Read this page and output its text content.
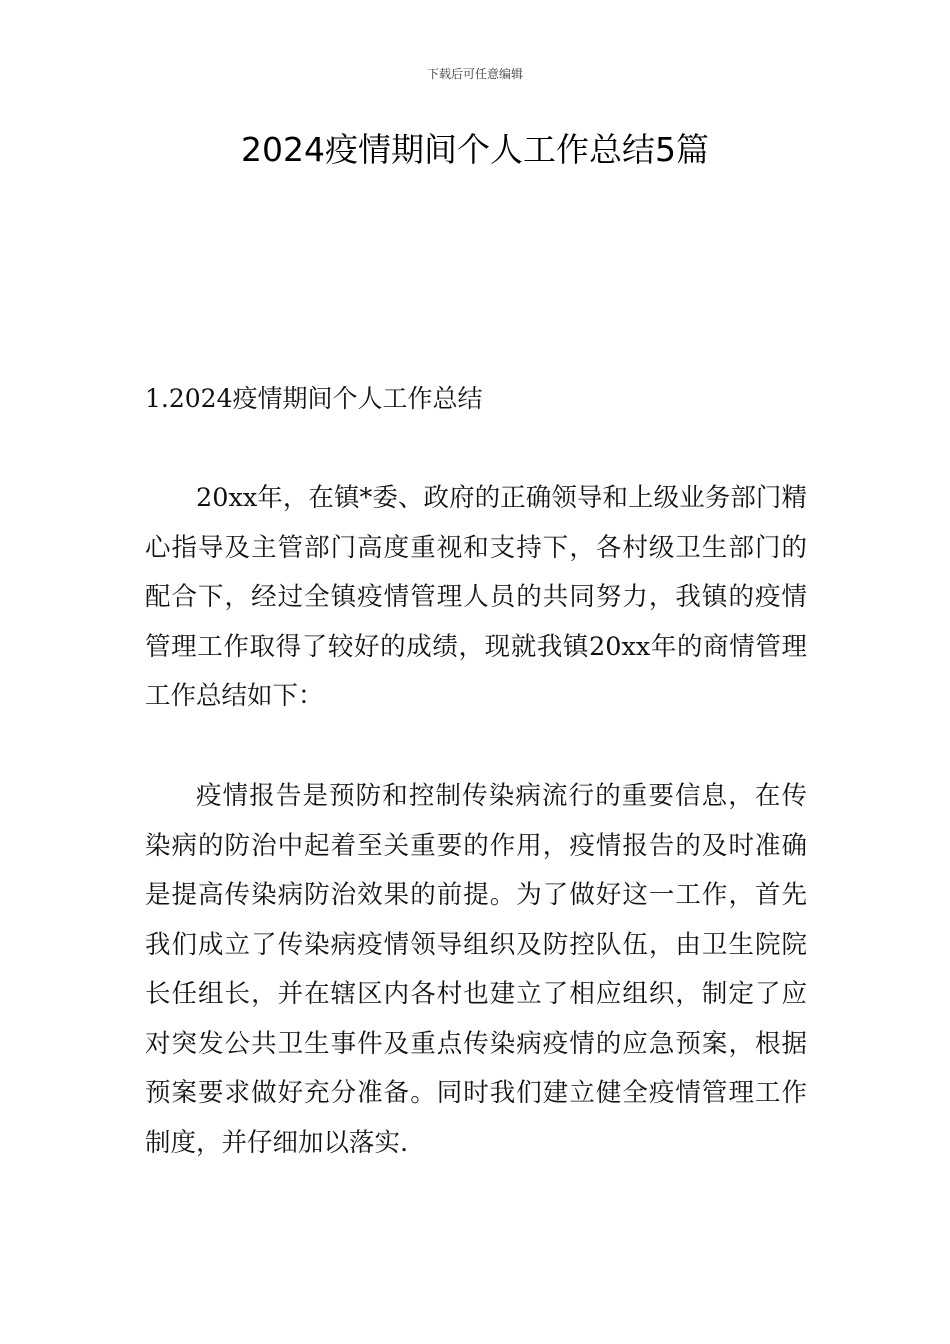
下载后可任意编辑
2024疫情期间个人工作总结5篇
1.2024疫情期间个人工作总结

20xx年，在镇*委、政府的正确领导和上级业务部门精心指导及主管部门高度重视和支持下，各村级卫生部门的配合下，经过全镇疫情管理人员的共同努力，我镇的疫情管理工作取得了较好的成绩，现就我镇20xx年的商情管理工作总结如下：

疫情报告是预防和控制传染病流行的重要信息，在传染病的防治中起着至关重要的作用，疫情报告的及时准确是提高传染病防治效果的前提。为了做好这一工作，首先我们成立了传染病疫情领导组织及防控队伍，由卫生院院长任组长，并在辖区内各村也建立了相应组织，制定了应对突发公共卫生事件及重点传染病疫情的应急预案，根据预案要求做好充分准备。同时我们建立健全疫情管理工作制度，并仔细加以落实.
